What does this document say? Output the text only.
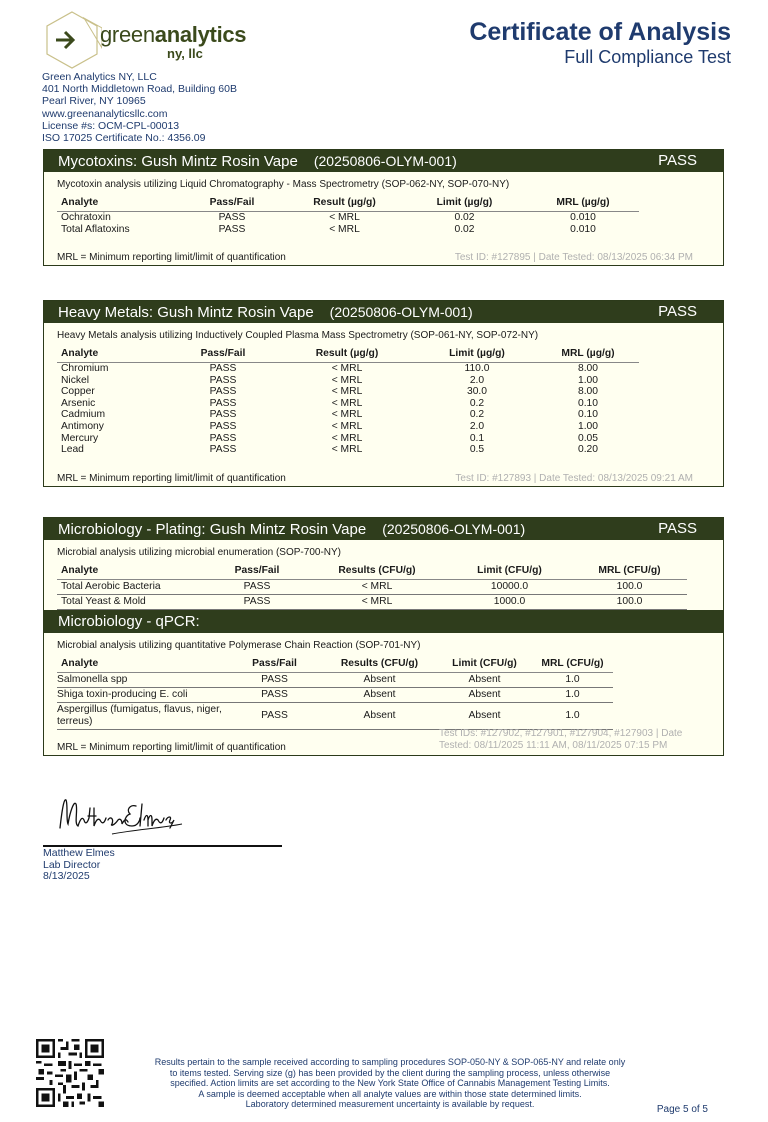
greenanalytics
ny, llc
Green Analytics NY, LLC
401 North Middletown Road, Building 60B
Pearl River, NY 10965
www.greenanalyticsllc.com
License #s: OCM-CPL-00013
ISO 17025 Certificate No.: 4356.09
Certificate of Analysis
Full Compliance Test
Mycotoxins: Gush Mintz Rosin Vape (20250806-OLYM-001)	PASS
Mycotoxin analysis utilizing Liquid Chromatography - Mass Spectrometry (SOP-062-NY, SOP-070-NY)
Analyte	Pass/Fail	Result (µg/g)	Limit (µg/g)	MRL (µg/g)
Ochratoxin	PASS	< MRL	0.02	0.010
Total Aflatoxins	PASS	< MRL	0.02	0.010
MRL = Minimum reporting limit/limit of quantification	Test ID: #127895 | Date Tested: 08/13/2025 06:34 PM
Heavy Metals: Gush Mintz Rosin Vape (20250806-OLYM-001)	PASS
Heavy Metals analysis utilizing Inductively Coupled Plasma Mass Spectrometry (SOP-061-NY, SOP-072-NY)
Analyte	Pass/Fail	Result (µg/g)	Limit (µg/g)	MRL (µg/g)
Chromium	PASS	< MRL	110.0	8.00
Nickel	PASS	< MRL	2.0	1.00
Copper	PASS	< MRL	30.0	8.00
Arsenic	PASS	< MRL	0.2	0.10
Cadmium	PASS	< MRL	0.2	0.10
Antimony	PASS	< MRL	2.0	1.00
Mercury	PASS	< MRL	0.1	0.05
Lead	PASS	< MRL	0.5	0.20
MRL = Minimum reporting limit/limit of quantification	Test ID: #127893 | Date Tested: 08/13/2025 09:21 AM
Microbiology - Plating: Gush Mintz Rosin Vape (20250806-OLYM-001)	PASS
Microbial analysis utilizing microbial enumeration (SOP-700-NY)
Analyte	Pass/Fail	Results (CFU/g)	Limit (CFU/g)	MRL (CFU/g)
Total Aerobic Bacteria	PASS	< MRL	10000.0	100.0
Total Yeast & Mold	PASS	< MRL	1000.0	100.0
Microbiology - qPCR:
Microbial analysis utilizing quantitative Polymerase Chain Reaction (SOP-701-NY)
Analyte	Pass/Fail	Results (CFU/g)	Limit (CFU/g)	MRL (CFU/g)
Salmonella spp	PASS	Absent	Absent	1.0
Shiga toxin-producing E. coli	PASS	Absent	Absent	1.0
Aspergillus (fumigatus, flavus, niger, terreus)	PASS	Absent	Absent	1.0
MRL = Minimum reporting limit/limit of quantification
Test IDs: #127902, #127901, #127904, #127903 | Date Tested: 08/11/2025 11:11 AM, 08/11/2025 07:15 PM
Matthew Elmes
Lab Director
8/13/2025
Results pertain to the sample received according to sampling procedures SOP-050-NY & SOP-065-NY and relate only
to items tested. Serving size (g) has been provided by the client during the sampling process, unless otherwise
specified. Action limits are set according to the New York State Office of Cannabis Management Testing Limits.
A sample is deemed acceptable when all analyte values are within those state determined limits.
Laboratory determined measurement uncertainty is available by request.	Page 5 of 5
